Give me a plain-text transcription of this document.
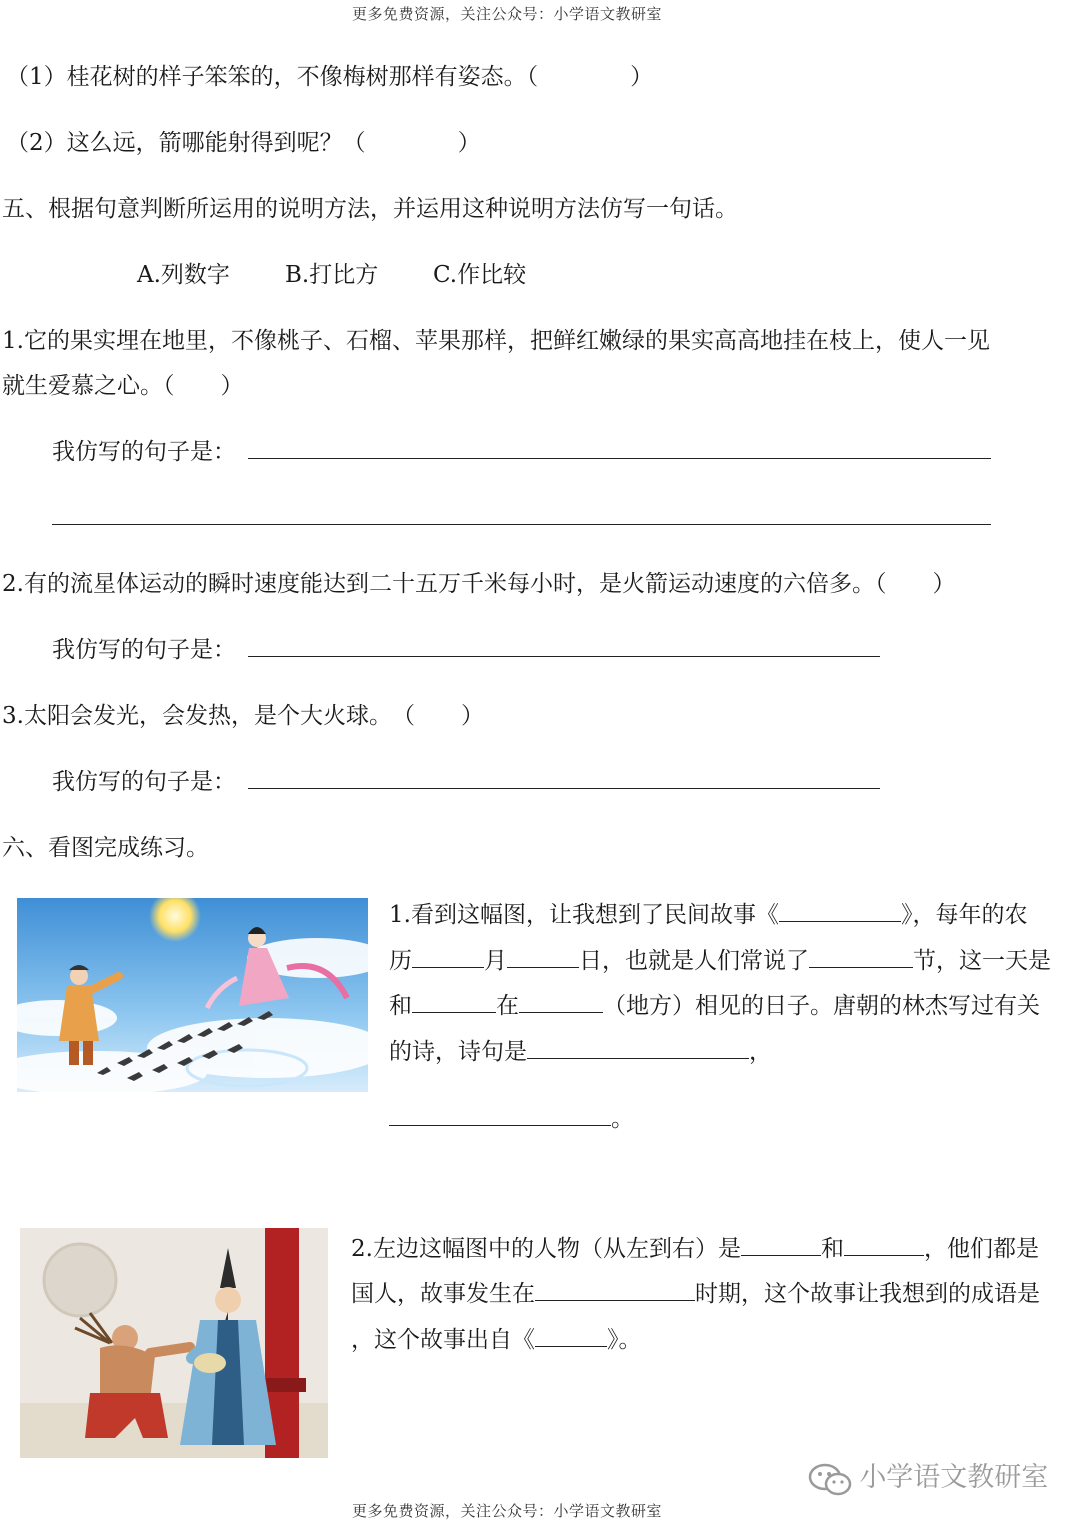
更多免费资源，关注公众号：小学语文教研室
（1）桂花树的样子笨笨的，不像梅树那样有姿态。（　　　　）
（2）这么远，箭哪能射得到呢？（　　　　）
五、根据句意判断所运用的说明方法，并运用这种说明方法仿写一句话。
A.列数字 B.打比方 C.作比较
1.它的果实埋在地里，不像桃子、石榴、苹果那样，把鲜红嫩绿的果实高高地挂在枝上，使人一见
就生爱慕之心。（　　）
我仿写的句子是：
2.有的流星体运动的瞬时速度能达到二十五万千米每小时，是火箭运动速度的六倍多。（　　）
我仿写的句子是：
3.太阳会发光，会发热，是个大火球。　（　　）
我仿写的句子是：
六、看图完成练习。
1.看到这幅图，让我想到了民间故事《	》，每年的农
历	月	日，也就是人们常说了	节，这一天是
和	在	（地方）相见的日子。唐朝的林杰写过有关
的诗，诗句是	，
。
2.左边这幅图中的人物（从左到右）是	和	，他们都是
国人，故事发生在	时期，这个故事让我想到的成语是
，这个故事出自《	》。
小学语文教研室
更多免费资源，关注公众号：小学语文教研室
